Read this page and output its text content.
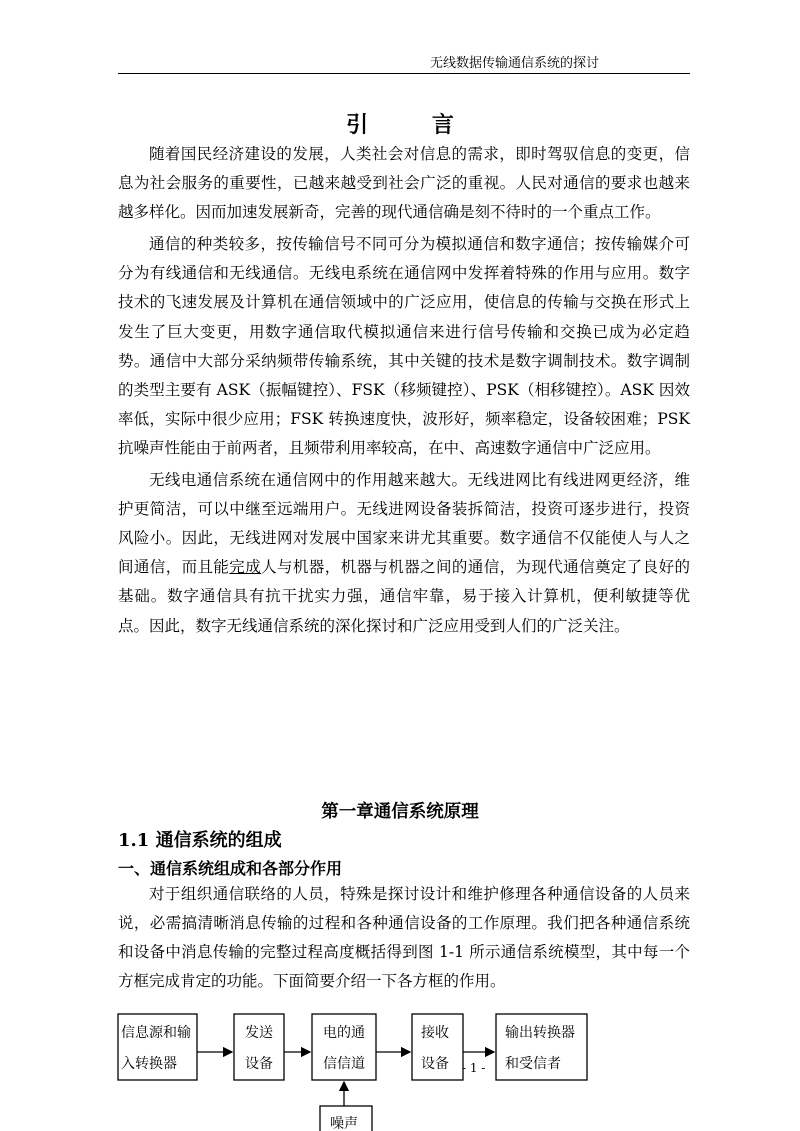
无线数据传输通信系统的探讨
引 言

随着国民经济建设的发展，人类社会对信息的需求，即时驾驭信息的变更，信息为社会服务的重要性，已越来越受到社会广泛的重视。人民对通信的要求也越来越多样化。因而加速发展新奇，完善的现代通信确是刻不待时的一个重点工作。

通信的种类较多，按传输信号不同可分为模拟通信和数字通信；按传输媒介可分为有线通信和无线通信。无线电系统在通信网中发挥着特殊的作用与应用。数字技术的飞速发展及计算机在通信领域中的广泛应用，使信息的传输与交换在形式上发生了巨大变更，用数字通信取代模拟通信来进行信号传输和交换已成为必定趋势。通信中大部分采纳频带传输系统，其中关键的技术是数字调制技术。数字调制的类型主要有 ASK（振幅键控）、FSK（移频键控）、PSK（相移键控）。ASK 因效率低，实际中很少应用；FSK 转换速度快，波形好，频率稳定，设备较困难；PSK 抗噪声性能由于前两者，且频带利用率较高，在中、高速数字通信中广泛应用。

无线电通信系统在通信网中的作用越来越大。无线进网比有线进网更经济，维护更简洁，可以中继至远端用户。无线进网设备装拆简洁，投资可逐步进行，投资风险小。因此，无线进网对发展中国家来讲尤其重要。数字通信不仅能使人与人之间通信，而且能完成人与机器，机器与机器之间的通信，为现代通信奠定了良好的基础。数字通信具有抗干扰实力强，通信牢靠，易于接入计算机，便利敏捷等优点。因此，数字无线通信系统的深化探讨和广泛应用受到人们的广泛关注。

第一章通信系统原理
1.1 通信系统的组成
一、通信系统组成和各部分作用

对于组织通信联络的人员，特殊是探讨设计和维护修理各种通信设备的人员来说，必需搞清晰消息传输的过程和各种通信设备的工作原理。我们把各种通信系统和设备中消息传输的完整过程高度概括得到图 1-1 所示通信系统模型，其中每一个方框完成肯定的功能。下面简要介绍一下各方框的作用。

信息源和输
入转换器
发送
设备
电的通
信信道
接收
设备
输出转换器
和受信者
噪声
- 1 -
